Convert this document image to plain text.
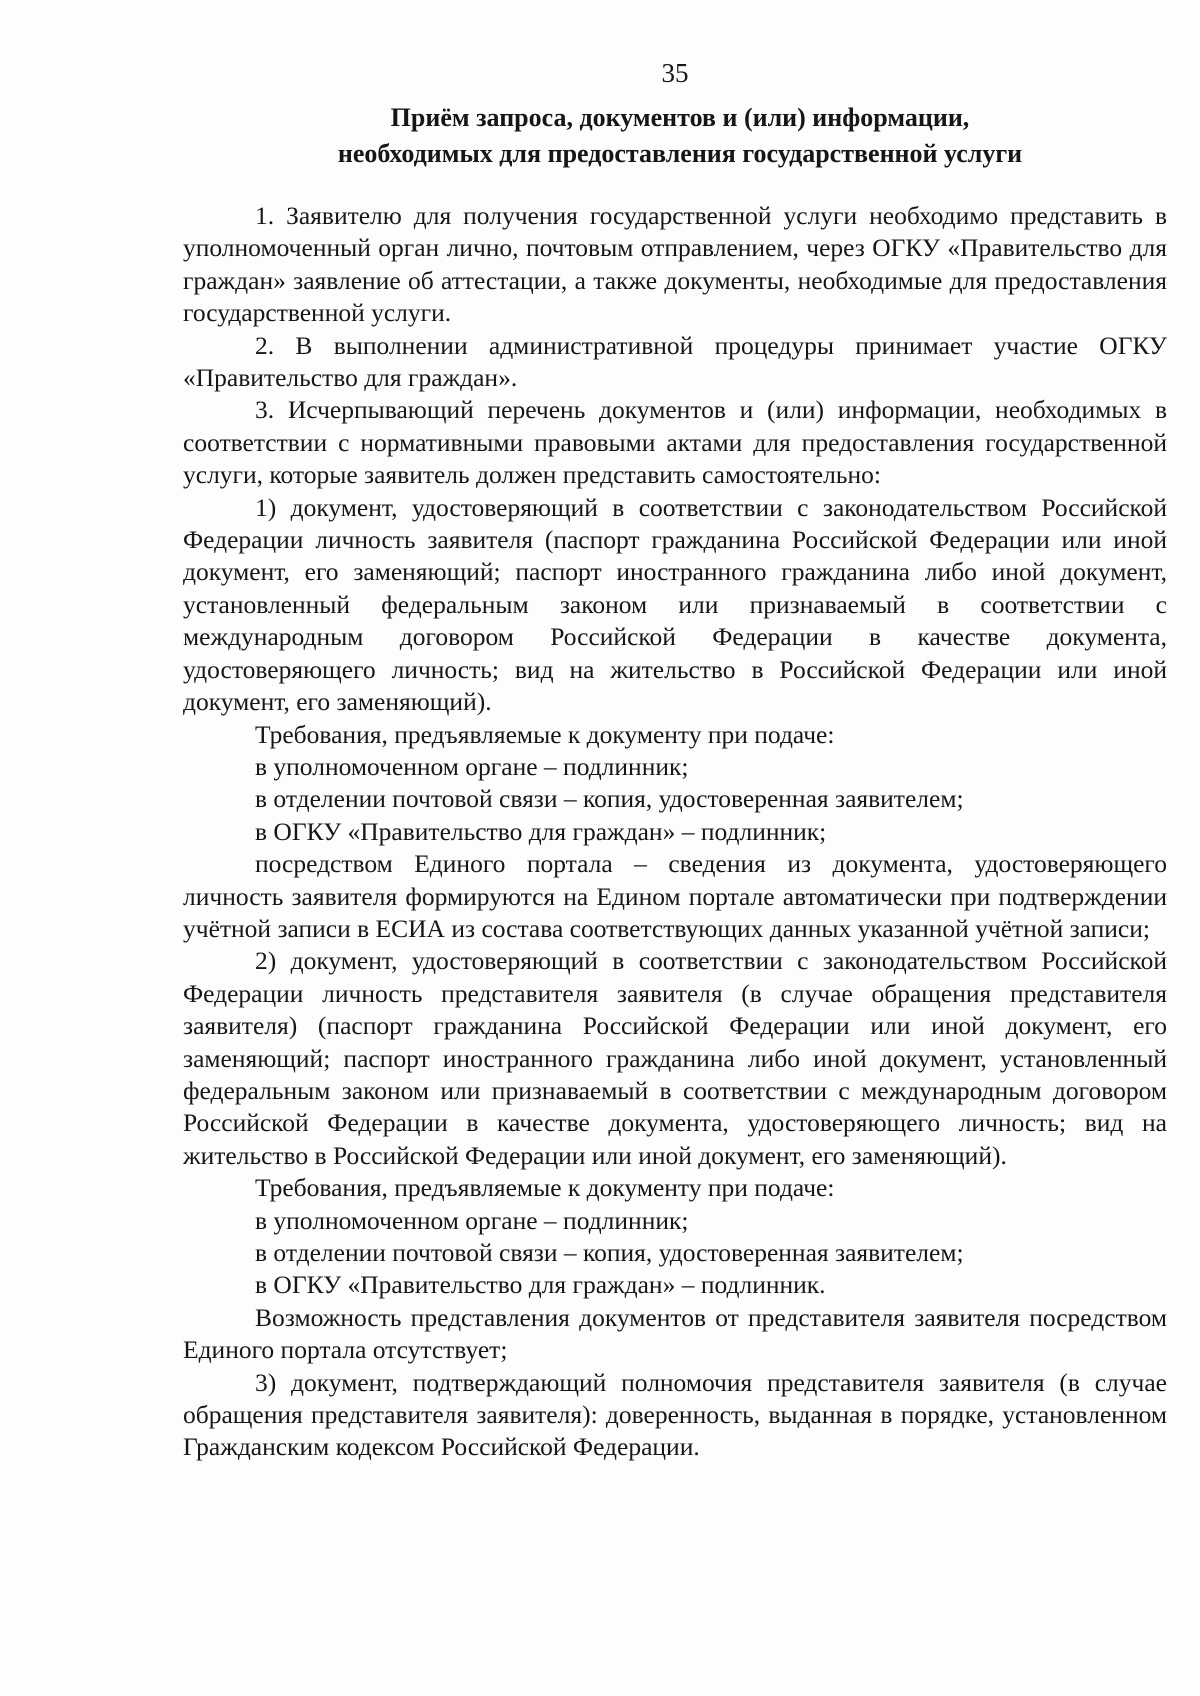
35
Приём запроса, документов и (или) информации,
необходимых для предоставления государственной услуги

1. Заявителю для получения государственной услуги необходимо представить в уполномоченный орган лично, почтовым отправлением, через ОГКУ «Правительство для граждан» заявление об аттестации, а также документы, необходимые для предоставления государственной услуги.

2. В выполнении административной процедуры принимает участие ОГКУ «Правительство для граждан».

3. Исчерпывающий перечень документов и (или) информации, необходимых в соответствии с нормативными правовыми актами для предоставления государственной услуги, которые заявитель должен представить самостоятельно:

1) документ, удостоверяющий в соответствии с законодательством Российской Федерации личность заявителя (паспорт гражданина Российской Федерации или иной документ, его заменяющий; паспорт иностранного гражданина либо иной документ, установленный федеральным законом или признаваемый в соответствии с международным договором Российской Федерации в качестве документа, удостоверяющего личность; вид на жительство в Российской Федерации или иной документ, его заменяющий).

Требования, предъявляемые к документу при подаче:

в уполномоченном органе – подлинник;

в отделении почтовой связи – копия, удостоверенная заявителем;

в ОГКУ «Правительство для граждан» – подлинник;

посредством Единого портала – сведения из документа, удостоверяющего личность заявителя формируются на Едином портале автоматически при подтверждении учётной записи в ЕСИА из состава соответствующих данных указанной учётной записи;

2) документ, удостоверяющий в соответствии с законодательством Российской Федерации личность представителя заявителя (в случае обращения представителя заявителя) (паспорт гражданина Российской Федерации или иной документ, его заменяющий; паспорт иностранного гражданина либо иной документ, установленный федеральным законом или признаваемый в соответствии с международным договором Российской Федерации в качестве документа, удостоверяющего личность; вид на жительство в Российской Федерации или иной документ, его заменяющий).

Требования, предъявляемые к документу при подаче:

в уполномоченном органе – подлинник;

в отделении почтовой связи – копия, удостоверенная заявителем;

в ОГКУ «Правительство для граждан» – подлинник.

Возможность представления документов от представителя заявителя посредством Единого портала отсутствует;

3) документ, подтверждающий полномочия представителя заявителя (в случае обращения представителя заявителя): доверенность, выданная в порядке, установленном Гражданским кодексом Российской Федерации.
